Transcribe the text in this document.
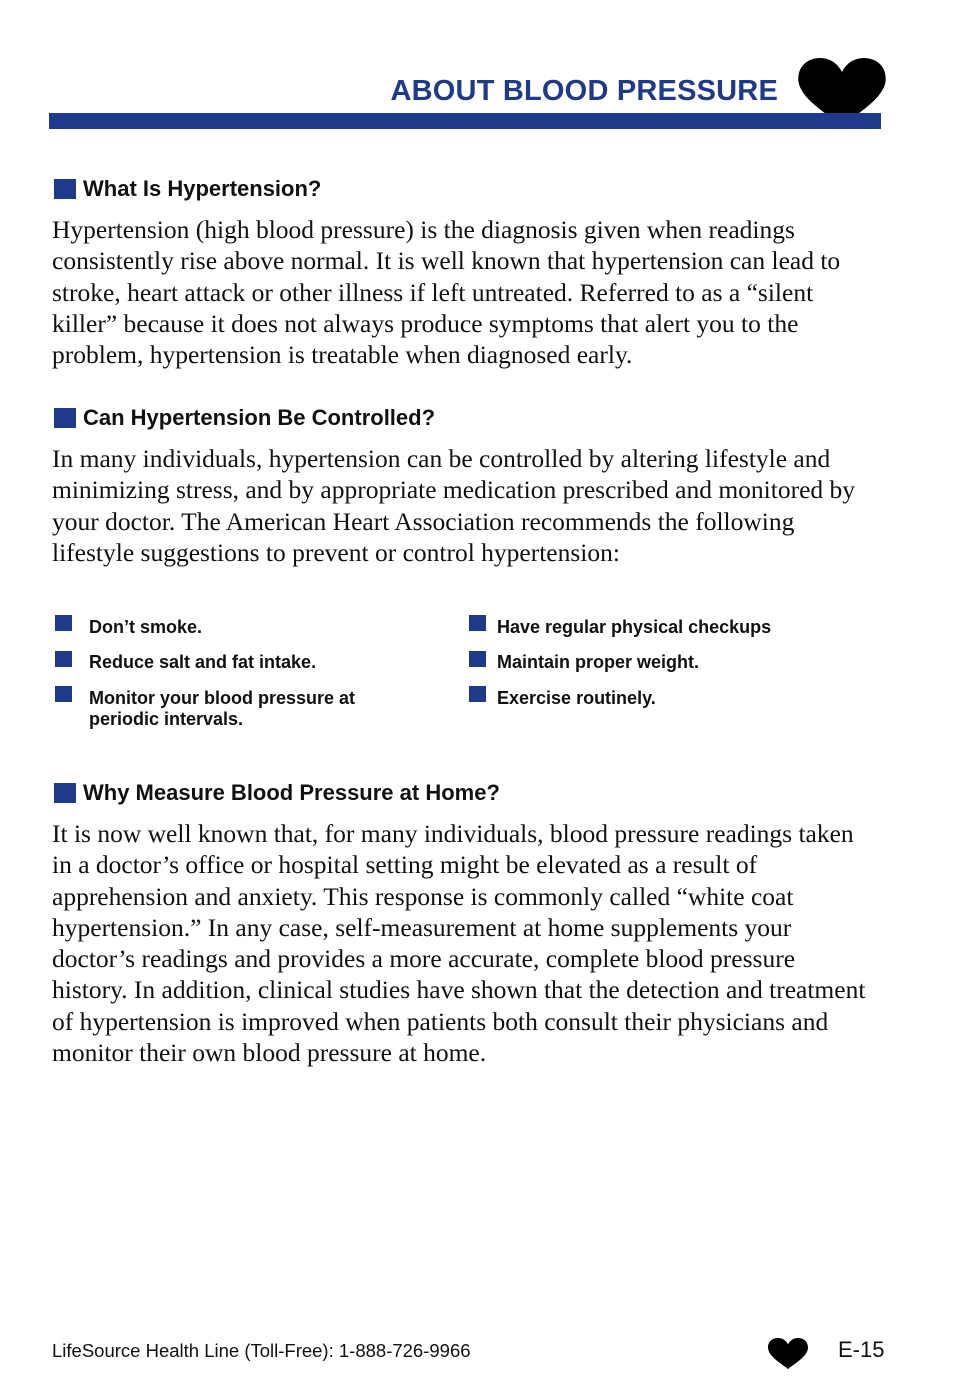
ABOUT BLOOD PRESSURE
What Is Hypertension?

Hypertension (high blood pressure) is the diagnosis given when readings consistently rise above normal. It is well known that hypertension can lead to stroke, heart attack or other illness if left untreated. Referred to as a “silent killer” because it does not always produce symptoms that alert you to the problem, hypertension is treatable when diagnosed early.

Can Hypertension Be Controlled?

In many individuals, hypertension can be controlled by altering lifestyle and minimizing stress, and by appropriate medication prescribed and monitored by your doctor. The American Heart Association recommends the following lifestyle suggestions to prevent or control hypertension:

Don’t smoke.
Reduce salt and fat intake.
Monitor your blood pressure at periodic intervals.
Have regular physical checkups
Maintain proper weight.
Exercise routinely.
Why Measure Blood Pressure at Home?

It is now well known that, for many individuals, blood pressure readings taken in a doctor’s office or hospital setting might be elevated as a result of apprehension and anxiety. This response is commonly called “white coat hypertension.” In any case, self-measurement at home supplements your doctor’s readings and provides a more accurate, complete blood pressure history. In addition, clinical studies have shown that the detection and treatment of hypertension is improved when patients both consult their physicians and monitor their own blood pressure at home.

LifeSource Health Line (Toll-Free): 1-888-726-9966	E-15
